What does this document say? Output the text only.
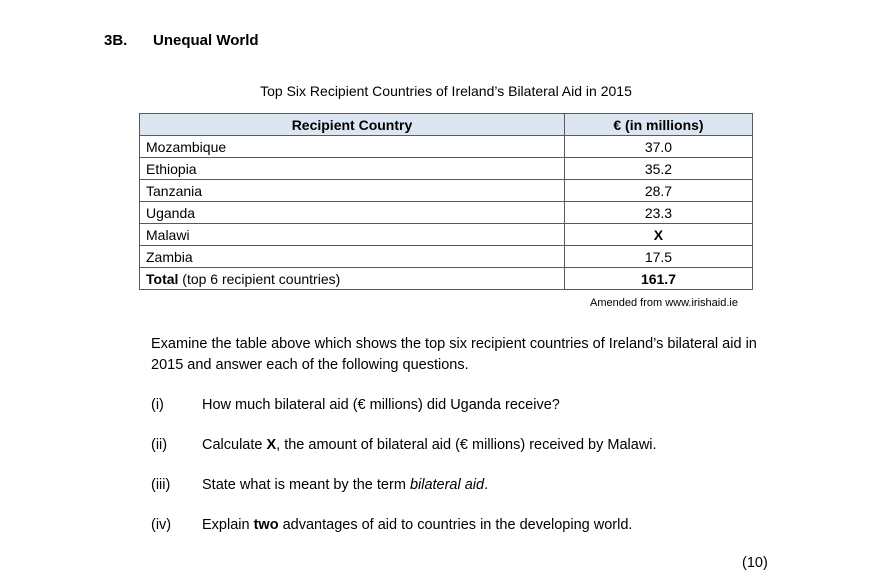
3B. Unequal World
Top Six Recipient Countries of Ireland’s Bilateral Aid in 2015
Recipient Country	€ (in millions)
Mozambique	37.0
Ethiopia	35.2
Tanzania	28.7
Uganda	23.3
Malawi	X
Zambia	17.5
Total (top 6 recipient countries)	161.7
Amended from www.irishaid.ie
Examine the table above which shows the top six recipient countries of Ireland’s bilateral aid in 2015 and answer each of the following questions.
(i)	How much bilateral aid (€ millions) did Uganda receive?
(ii) Calculate X, the amount of bilateral aid (€ millions) received by Malawi.
(iii) State what is meant by the term bilateral aid.
(iv) Explain two advantages of aid to countries in the developing world.
(10)
